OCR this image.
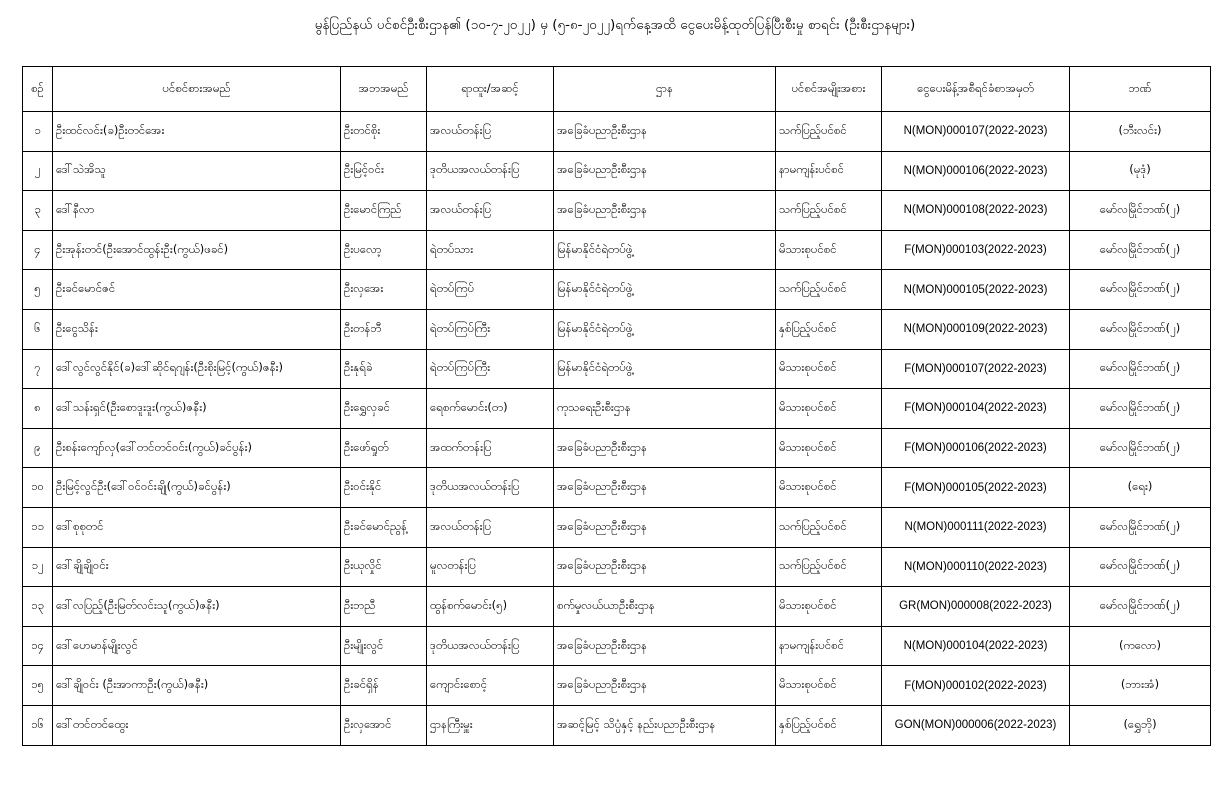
မွန်ပြည်နယ် ပင်စင်ဦးစီးဌာန၏ (၁၀-၇-၂၀၂၂) မှ (၅-၈-၂၀၂၂)ရက်နေ့အထိ ငွေပေးမိန့်ထုတ်ပြန်ပြီးစီးမှု စာရင်း (ဦးစီးဌာနများ)
စဉ်	ပင်စင်စားအမည်	အဘအမည်	ရာထူး/အဆင့်	ဌာန	ပင်စင်အမျိုးအစား	ငွေပေးမိန့်အစီရင်ခံစာအမှတ်	ဘဏ်
၁	ဦးထင်လင်း(ခ)ဦးတင်အေး	ဦးတင်စိုး	အလယ်တန်းပြ	အခြေခံပညာဦးစီးဌာန	သက်ပြည့်ပင်စင်	N(MON)000107(2022-2023)	(ဘီးလင်း)
၂	ဒေါ်သဲအိသူ	ဦးမြင့်ဝင်း	ဒုတိယအလယ်တန်းပြ	အခြေခံပညာဦးစီးဌာန	နာမကျန်းပင်စင်	N(MON)000106(2022-2023)	(မုဒုံ)
၃	ဒေါ်နီလာ	ဦးမောင်ကြည်	အလယ်တန်းပြ	အခြေခံပညာဦးစီးဌာန	သက်ပြည့်ပင်စင်	N(MON)000108(2022-2023)	မော်လမြိုင်ဘဏ်(၂)
၄	ဦးအုန်းတင်(ဦးအောင်ထွန်းဦး(ကွယ်)ဖခင်)	ဦးပလော့	ရဲတပ်သား	မြန်မာနိုင်ငံရဲတပ်ဖွဲ့	မိသားစုပင်စင်	F(MON)000103(2022-2023)	မော်လမြိုင်ဘဏ်(၂)
၅	ဦးခင်မောင်ဇင်	ဦးလှအေး	ရဲတပ်ကြပ်	မြန်မာနိုင်ငံရဲတပ်ဖွဲ့	သက်ပြည့်ပင်စင်	N(MON)000105(2022-2023)	မော်လမြိုင်ဘဏ်(၂)
၆	ဦးငွေသိန်း	ဦးတန်ဘီ	ရဲတပ်ကြပ်ကြီး	မြန်မာနိုင်ငံရဲတပ်ဖွဲ့	နှစ်ပြည့်ပင်စင်	N(MON)000109(2022-2023)	မော်လမြိုင်ဘဏ်(၂)
၇	ဒေါ်လွင်လွင်နိုင်(ခ)ဒေါ်ဆိုင်ရဂျန်း(ဦးစိုးမြင့်(ကွယ်)ဇနီး)	ဦးနုရ်ခဲ	ရဲတပ်ကြပ်ကြီး	မြန်မာနိုင်ငံရဲတပ်ဖွဲ့	မိသားစုပင်စင်	F(MON)000107(2022-2023)	မော်လမြိုင်ဘဏ်(၂)
၈	ဒေါ်သန်းရှင်(ဦးစောဒူးဒူး(ကွယ်)ဇနီး)	ဦးရွှေလှခင်	ရေစက်မောင်း(တ)	ကုသရေးဦးစီးဌာန	မိသားစုပင်စင်	F(MON)000104(2022-2023)	မော်လမြိုင်ဘဏ်(၂)
၉	ဦးစန်းကျော်လှ(ဒေါ်တင်တင်ဝင်း(ကွယ်)ခင်ပွန်း)	ဦးဖော်ရှုတ်	အထက်တန်းပြ	အခြေခံပညာဦးစီးဌာန	မိသားစုပင်စင်	F(MON)000106(2022-2023)	မော်လမြိုင်ဘဏ်(၂)
၁၀	ဦးမြင့်လွင်ဦး(ဒေါ်ဝင်ဝင်းချို(ကွယ်)ခင်ပွန်း)	ဦးဝင်းနိုင်	ဒုတိယအလယ်တန်းပြ	အခြေခံပညာဦးစီးဌာန	မိသားစုပင်စင်	F(MON)000105(2022-2023)	(ရေး)
၁၁	ဒေါ်စုစုတင်	ဦးခင်မောင်ညွန့်	အလယ်တန်းပြ	အခြေခံပညာဦးစီးဌာန	သက်ပြည့်ပင်စင်	N(MON)000111(2022-2023)	မော်လမြိုင်ဘဏ်(၂)
၁၂	ဒေါ်ချိုချိုဝင်း	ဦးယုလှိုင်	မူလတန်းပြ	အခြေခံပညာဦးစီးဌာန	သက်ပြည့်ပင်စင်	N(MON)000110(2022-2023)	မော်လမြိုင်ဘဏ်(၂)
၁၃	ဒေါ်လပြည့်(ဦးမြတ်လင်းသူ(ကွယ်)ဇနီး)	ဦးဘညီ	ထွန်စက်မောင်း(၅)	စက်မှုလယ်ယာဦးစီးဌာန	မိသားစုပင်စင်	GR(MON)000008(2022-2023)	မော်လမြိုင်ဘဏ်(၂)
၁၄	ဒေါ်ဟေမာန်မျိုးလွင်	ဦးမျိုးလွင်	ဒုတိယအလယ်တန်းပြ	အခြေခံပညာဦးစီးဌာန	နာမကျန်းပင်စင်	N(MON)000104(2022-2023)	(ကလော)
၁၅	ဒေါ်ချိုဝင်း (ဦးအာကာဦး(ကွယ်)ဇနီး)	ဦးခင်ရှိန်	ကျောင်းစောင့်	အခြေခံပညာဦးစီးဌာန	မိသားစုပင်စင်	F(MON)000102(2022-2023)	(ဘားအံ)
၁၆	ဒေါ်တင်တင်ထွေး	ဦးလှအောင်	ဌာနကြီးမှူး	အဆင့်မြင့် သိပ္ပံနှင့် နည်းပညာဦးစီးဌာန	နှစ်ပြည့်ပင်စင်	GON(MON)000006(2022-2023)	(ရွှေဘို)
